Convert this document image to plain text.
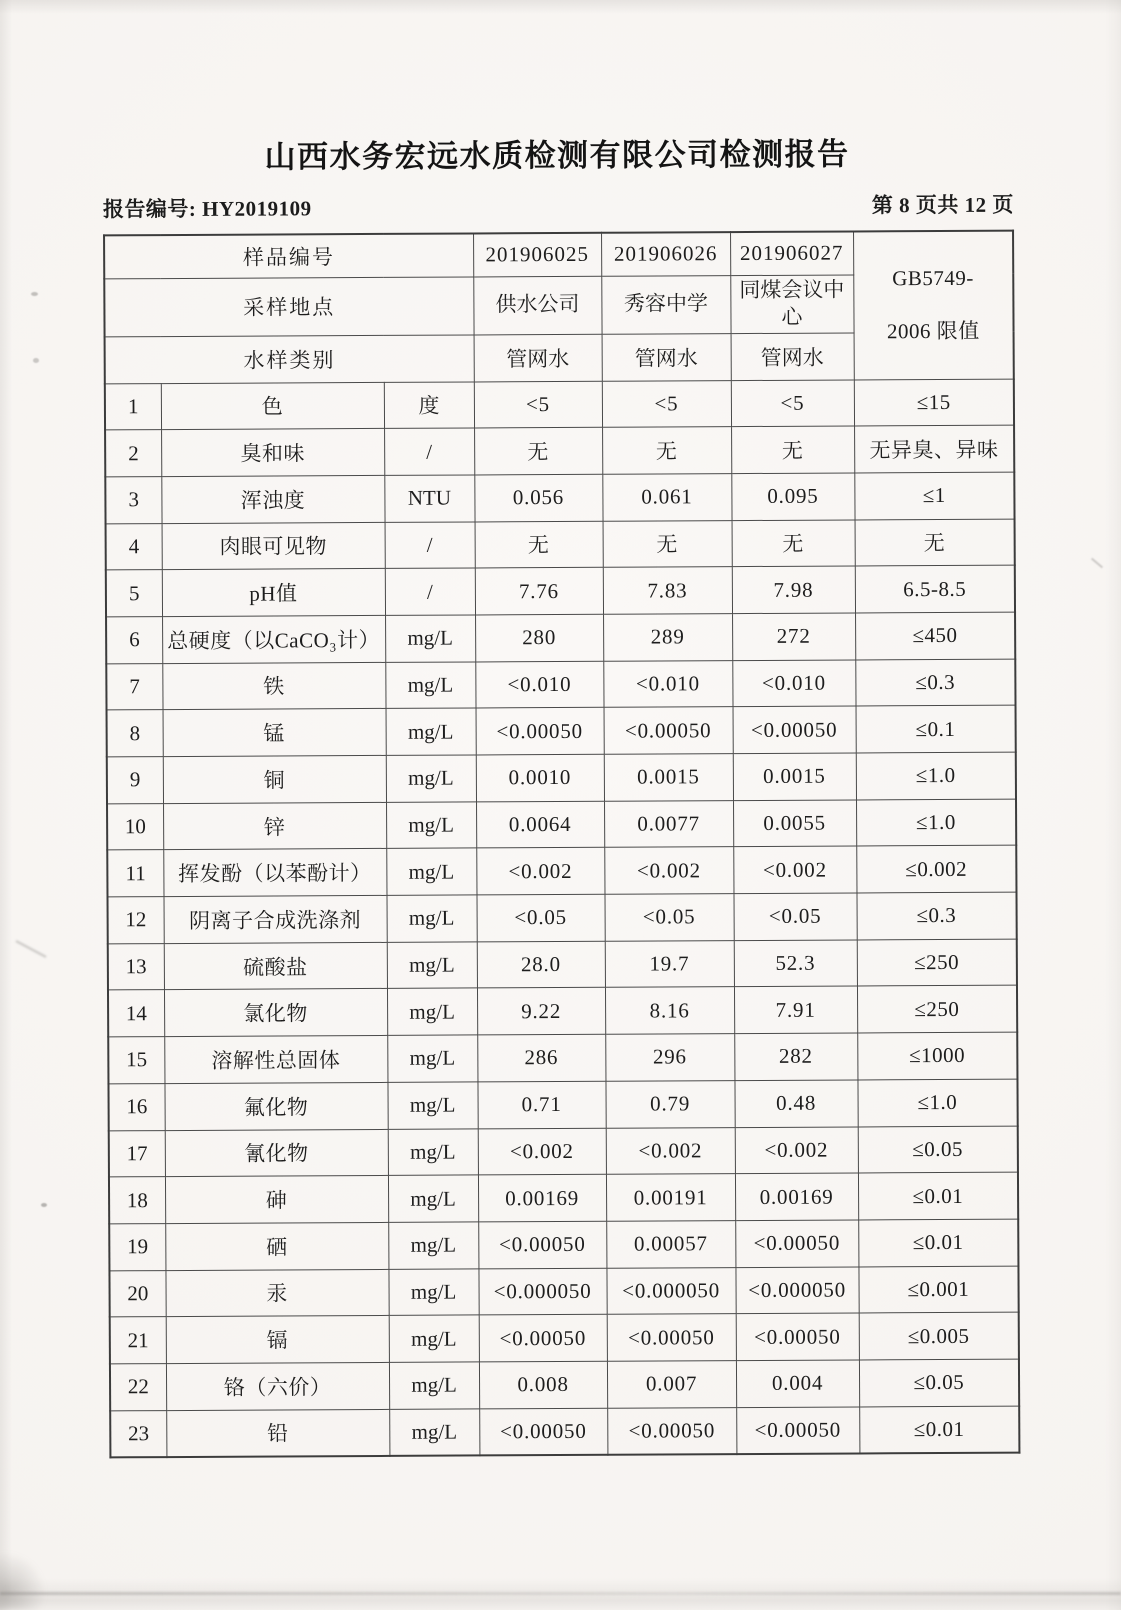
山西水务宏远水质检测有限公司检测报告
报告编号: HY2019109	第 8 页共 12 页
样品编号			201906025	201906026	201906027	GB5749-
2006 限值

采样地点			供水公司	秀容中学	同煤会议中心	
水样类别			管网水	管网水	管网水	
1	色	度	<5	<5	<5	≤15
2	臭和味	/	无	无	无	无异臭、异味
3	浑浊度	NTU	0.056	0.061	0.095	≤1
4	肉眼可见物	/	无	无	无	无
5	pH值	/	7.76	7.83	7.98	6.5-8.5
6	总硬度（以CaCO₃计）	mg/L	280	289	272	≤450
7	铁	mg/L	<0.010	<0.010	<0.010	≤0.3
8	锰	mg/L	<0.00050	<0.00050	<0.00050	≤0.1
9	铜	mg/L	0.0010	0.0015	0.0015	≤1.0
10	锌	mg/L	0.0064	0.0077	0.0055	≤1.0
11	挥发酚（以苯酚计）	mg/L	<0.002	<0.002	<0.002	≤0.002
12	阴离子合成洗涤剂	mg/L	<0.05	<0.05	<0.05	≤0.3
13	硫酸盐	mg/L	28.0	19.7	52.3	≤250
14	氯化物	mg/L	9.22	8.16	7.91	≤250
15	溶解性总固体	mg/L	286	296	282	≤1000
16	氟化物	mg/L	0.71	0.79	0.48	≤1.0
17	氰化物	mg/L	<0.002	<0.002	<0.002	≤0.05
18	砷	mg/L	0.00169	0.00191	0.00169	≤0.01
19	硒	mg/L	<0.00050	0.00057	<0.00050	≤0.01
20	汞	mg/L	<0.000050	<0.000050	<0.000050	≤0.001
21	镉	mg/L	<0.00050	<0.00050	<0.00050	≤0.005
22	铬（六价）	mg/L	0.008	0.007	0.004	≤0.05
23	铅	mg/L	<0.00050	<0.00050	<0.00050	≤0.01
